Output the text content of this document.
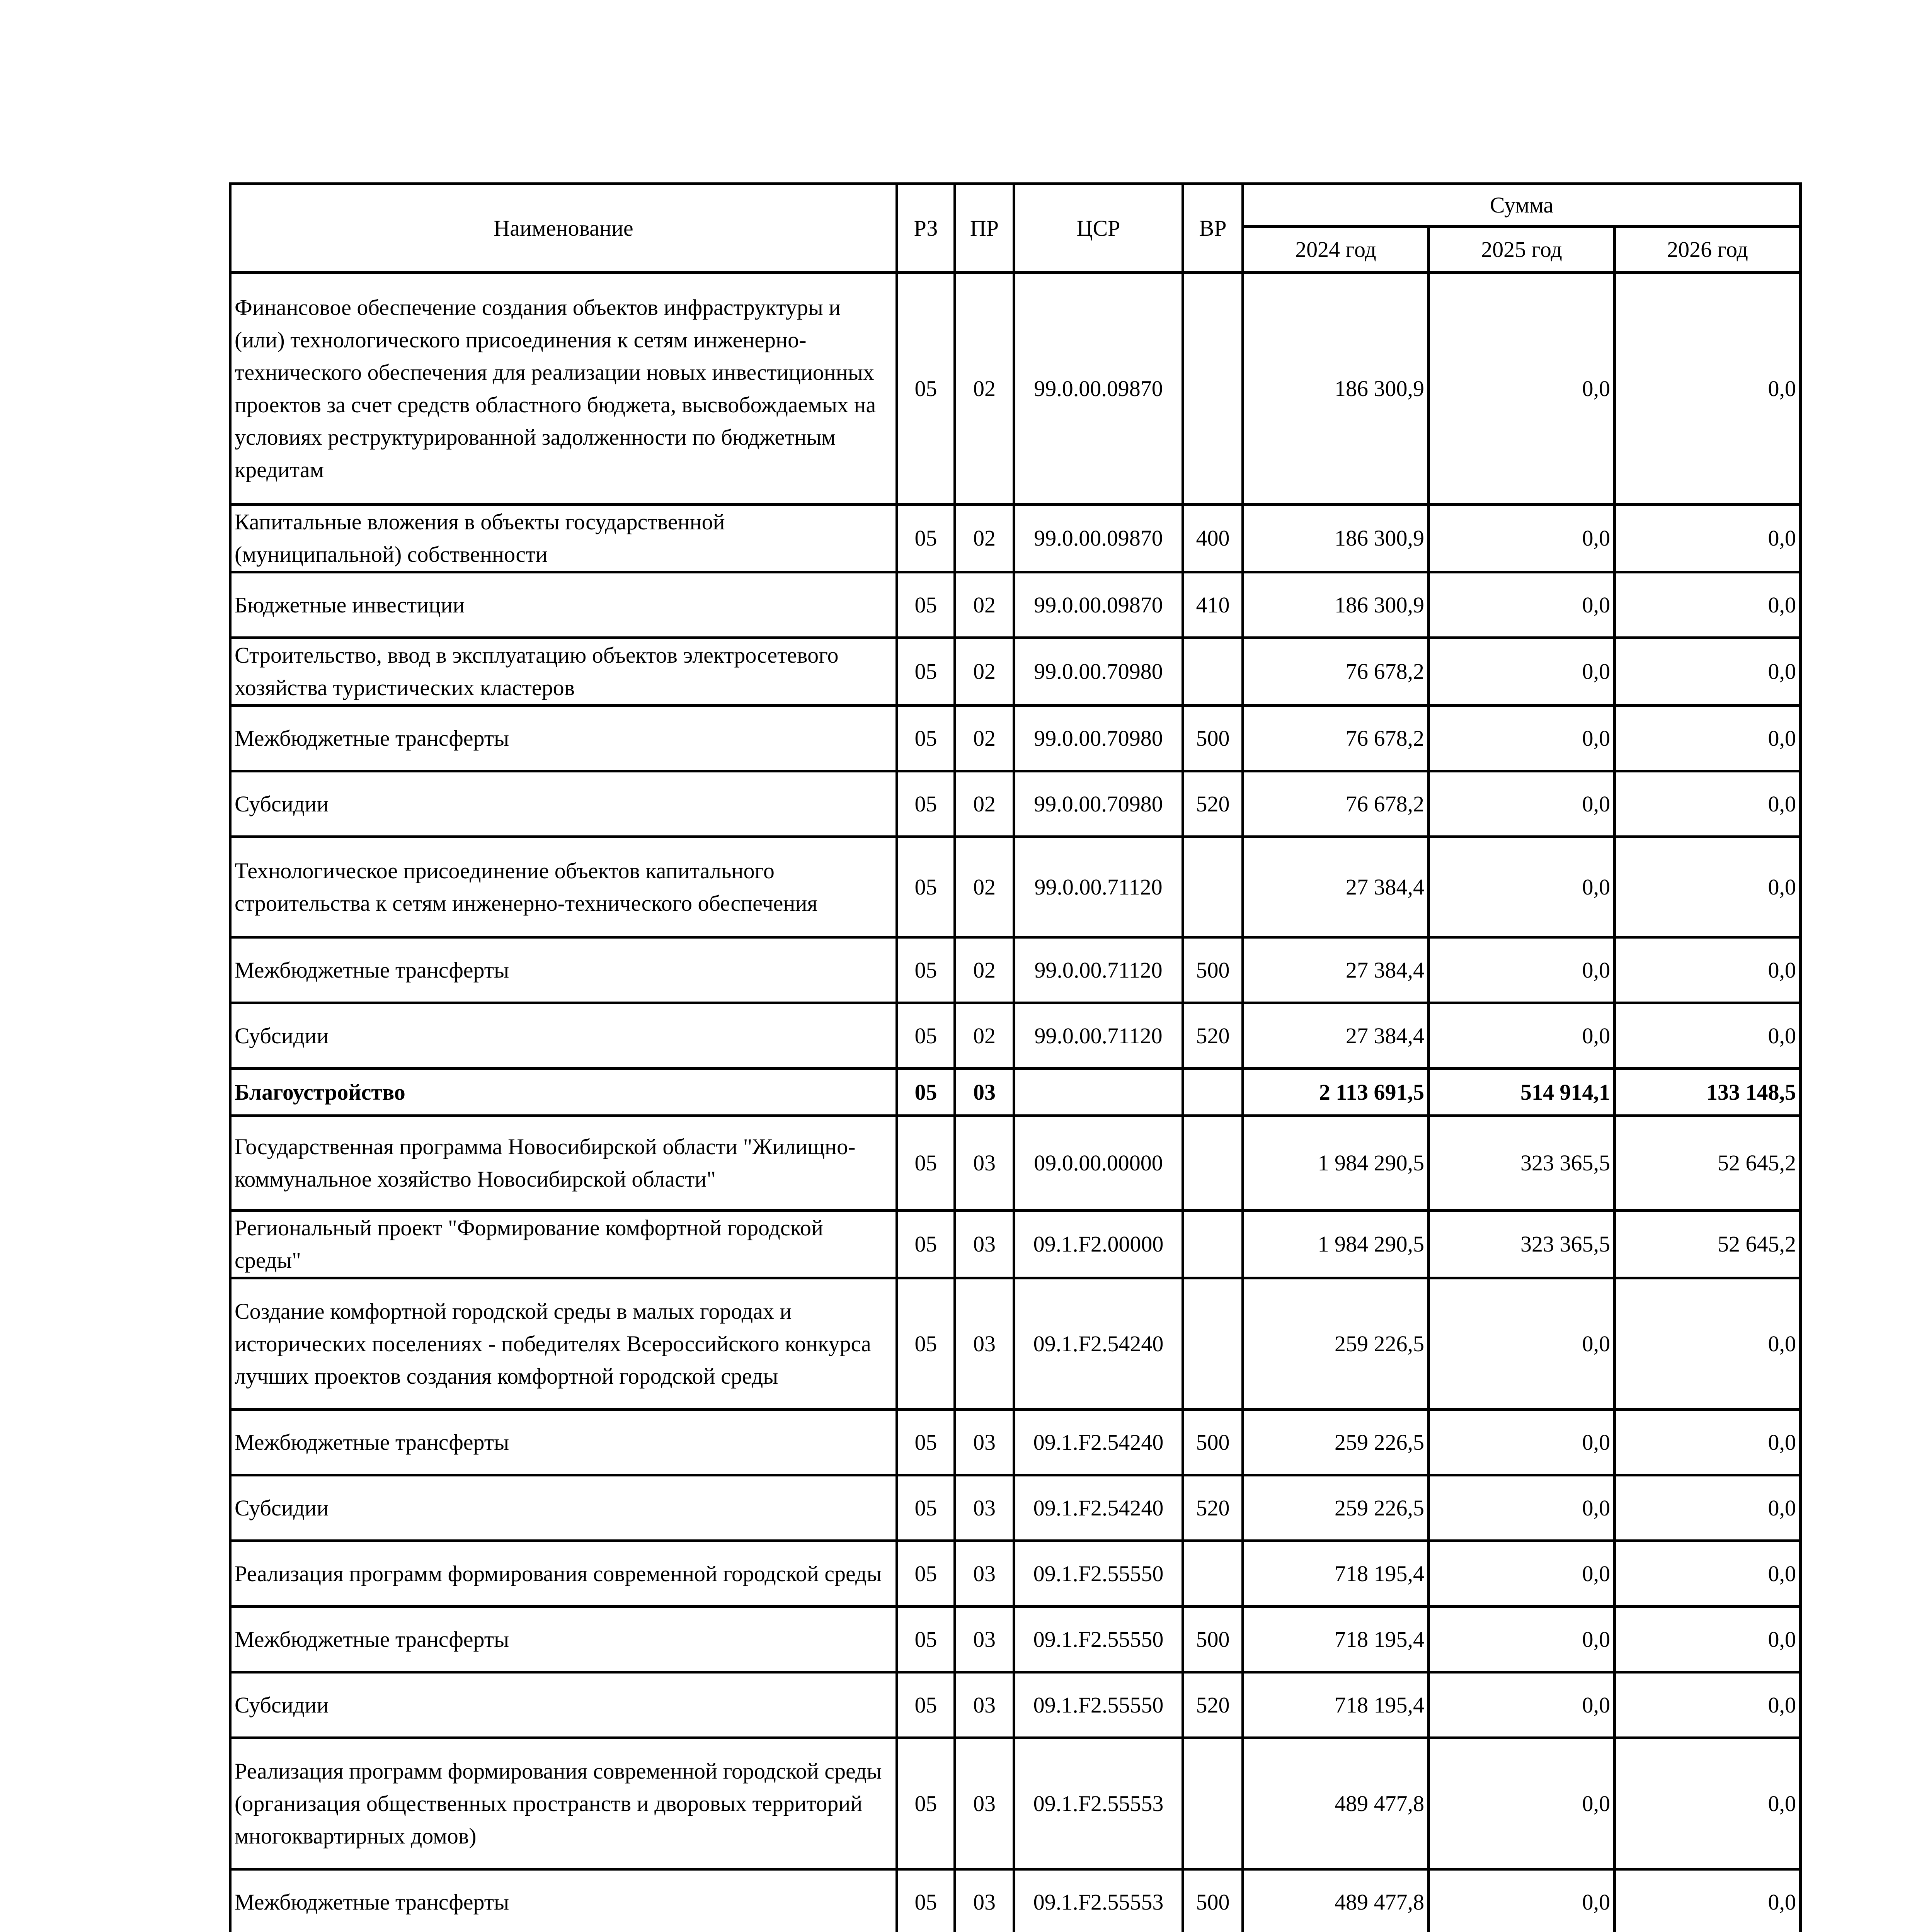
Наименование	РЗ	ПР	ЦСР	ВР	Сумма		
					2024 год	2025 год	2026 год
Финансовое обеспечение создания объектов инфраструктуры и (или) технологического присоединения к сетям инженерно-технического обеспечения для реализации новых инвестиционных проектов за счет средств областного бюджета, высвобождаемых на условиях реструктурированной задолженности по бюджетным кредитам	05	02	99.0.00.09870		186 300,9	0,0	0,0
Капитальные вложения в объекты государственной (муниципальной) собственности	05	02	99.0.00.09870	400	186 300,9	0,0	0,0
Бюджетные инвестиции	05	02	99.0.00.09870	410	186 300,9	0,0	0,0
Строительство, ввод в эксплуатацию объектов электросетевого хозяйства туристических кластеров	05	02	99.0.00.70980		76 678,2	0,0	0,0
Межбюджетные трансферты	05	02	99.0.00.70980	500	76 678,2	0,0	0,0
Субсидии	05	02	99.0.00.70980	520	76 678,2	0,0	0,0
Технологическое присоединение объектов капитального строительства к сетям инженерно-технического обеспечения	05	02	99.0.00.71120		27 384,4	0,0	0,0
Межбюджетные трансферты	05	02	99.0.00.71120	500	27 384,4	0,0	0,0
Субсидии	05	02	99.0.00.71120	520	27 384,4	0,0	0,0
Благоустройство	05	03			2 113 691,5	514 914,1	133 148,5
Государственная программа Новосибирской области "Жилищно-коммунальное хозяйство Новосибирской области"	05	03	09.0.00.00000		1 984 290,5	323 365,5	52 645,2
Региональный проект "Формирование комфортной городской среды"	05	03	09.1.F2.00000		1 984 290,5	323 365,5	52 645,2
Создание комфортной городской среды в малых городах и исторических поселениях - победителях Всероссийского конкурса лучших проектов создания комфортной городской среды	05	03	09.1.F2.54240		259 226,5	0,0	0,0
Межбюджетные трансферты	05	03	09.1.F2.54240	500	259 226,5	0,0	0,0
Субсидии	05	03	09.1.F2.54240	520	259 226,5	0,0	0,0
Реализация программ формирования современной городской среды	05	03	09.1.F2.55550		718 195,4	0,0	0,0
Межбюджетные трансферты	05	03	09.1.F2.55550	500	718 195,4	0,0	0,0
Субсидии	05	03	09.1.F2.55550	520	718 195,4	0,0	0,0
Реализация программ формирования современной городской среды (организация общественных пространств и дворовых территорий многоквартирных домов)	05	03	09.1.F2.55553		489 477,8	0,0	0,0
Межбюджетные трансферты	05	03	09.1.F2.55553	500	489 477,8	0,0	0,0
